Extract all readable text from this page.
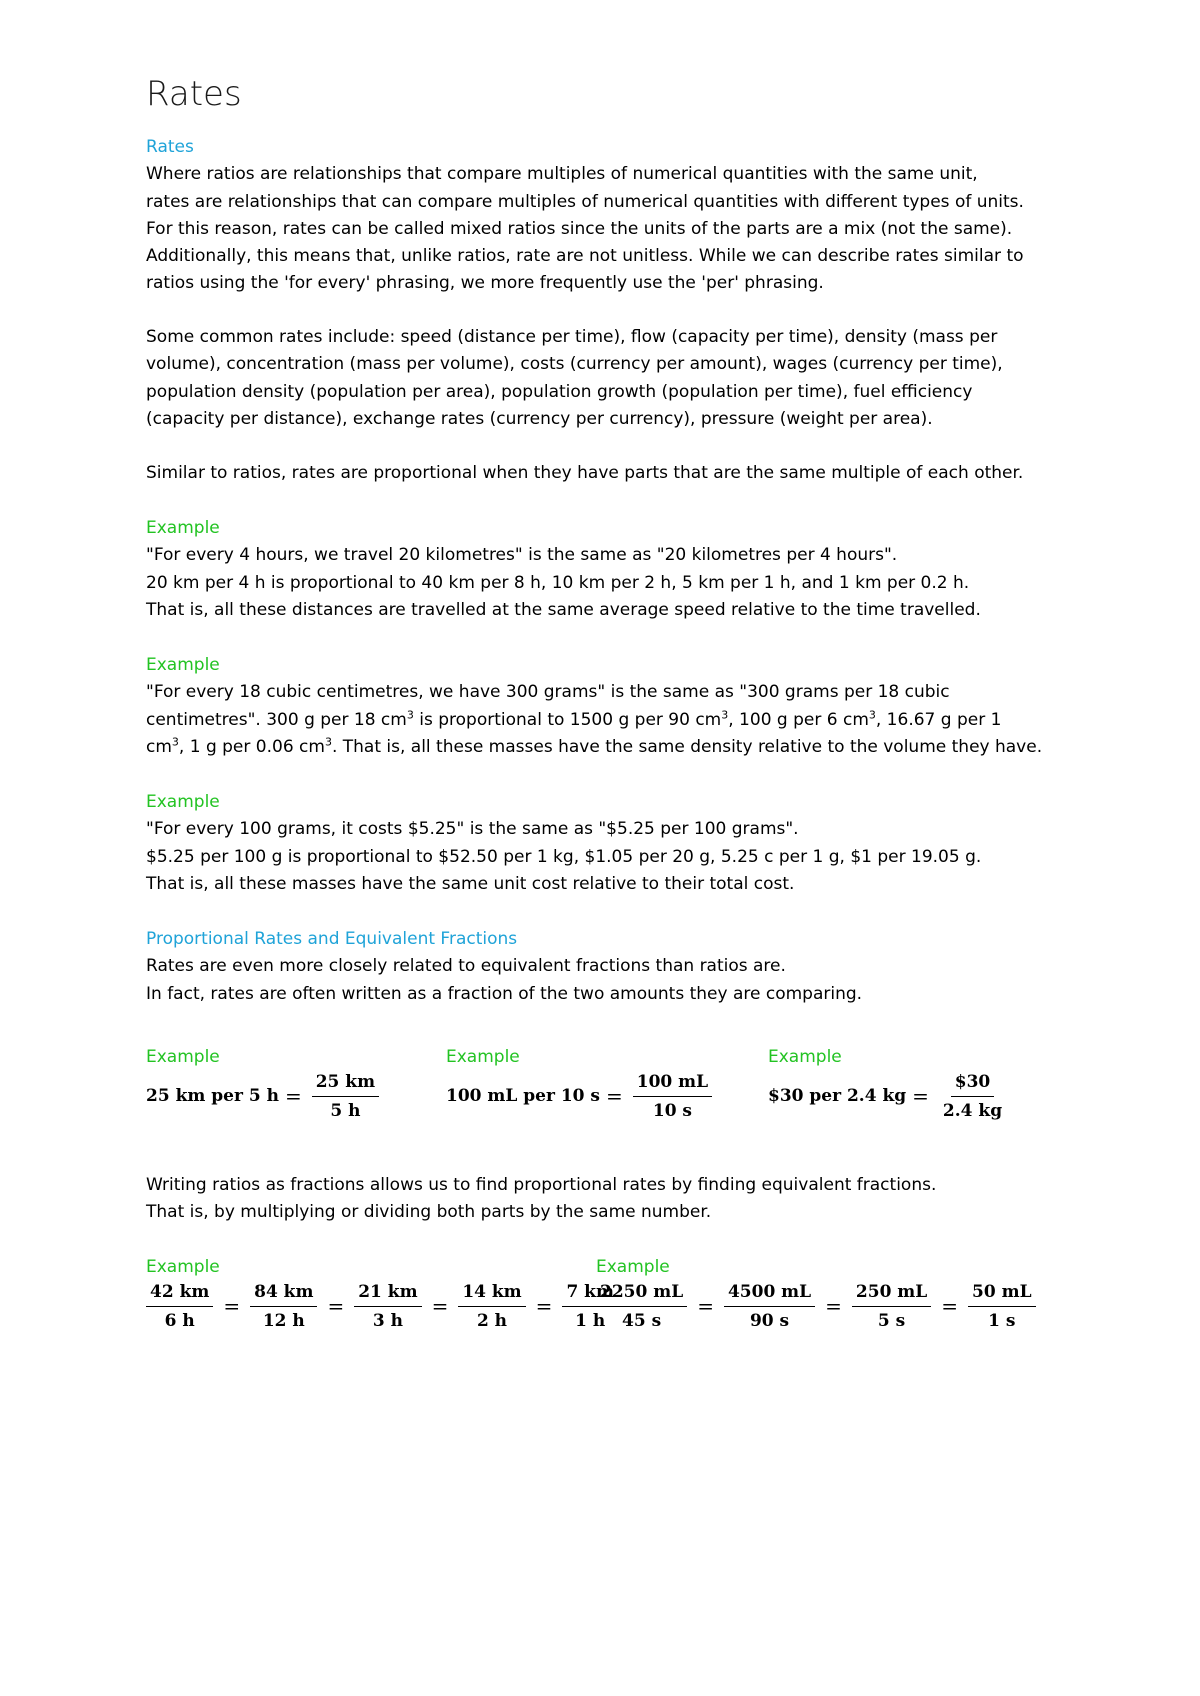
Rates

Rates

Where ratios are relationships that compare multiples of numerical quantities with the same unit,

rates are relationships that can compare multiples of numerical quantities with different types of units.

For this reason, rates can be called mixed ratios since the units of the parts are a mix (not the same).

Additionally, this means that, unlike ratios, rate are not unitless. While we can describe rates similar to

ratios using the 'for every' phrasing, we more frequently use the 'per' phrasing.

Some common rates include: speed (distance per time), flow (capacity per time), density (mass per

volume), concentration (mass per volume), costs (currency per amount), wages (currency per time),

population density (population per area), population growth (population per time), fuel efficiency

(capacity per distance), exchange rates (currency per currency), pressure (weight per area).

Similar to ratios, rates are proportional when they have parts that are the same multiple of each other.

Example

"For every 4 hours, we travel 20 kilometres" is the same as "20 kilometres per 4 hours".

20 km per 4 h is proportional to 40 km per 8 h, 10 km per 2 h, 5 km per 1 h, and 1 km per 0.2 h.

That is, all these distances are travelled at the same average speed relative to the time travelled.

Example

"For every 18 cubic centimetres, we have 300 grams" is the same as "300 grams per 18 cubic

centimetres". 300 g per 18 $cm^3$ is proportional to 1500 g per 90 $cm^3$, 100 g per 6 $cm^3$, 16.67 g per 1

$cm^3$, 1 g per 0.06 $cm^3$. That is, all these masses have the same density relative to the volume they have.

Example

"For every 100 grams, it costs $5.25" is the same as "$5.25 per 100 grams".

$5.25 per 100 g is proportional to $52.50 per 1 kg, $1.05 per 20 g, 5.25 c per 1 g, $1 per 19.05 g.

That is, all these masses have the same unit cost relative to their total cost.

Proportional Rates and Equivalent Fractions

Rates are even more closely related to equivalent fractions than ratios are.

In fact, rates are often written as a fraction of the two amounts they are comparing.

Example

25 km per 5 $h = \frac{25 km}{5 h}$

Example

100 mL per 10 $s = \frac{100 mL}{10 s}$

Example

$30 per 2.4 kg = $\frac{\$30}{2.4 kg}$

Writing ratios as fractions allows us to find proportional rates by finding equivalent fractions.

That is, by multiplying or dividing both parts by the same number.

Example

$\frac{42 km}{6 h} = \frac{84 km}{12 h} = \frac{21 km}{3 h} = \frac{14 km}{2 h} = \frac{7 km}{1 h}$

Example

$\frac{2250 mL}{45 s} = \frac{4500 mL}{90 s} = \frac{250 mL}{5 s} = \frac{50 mL}{1 s}$
